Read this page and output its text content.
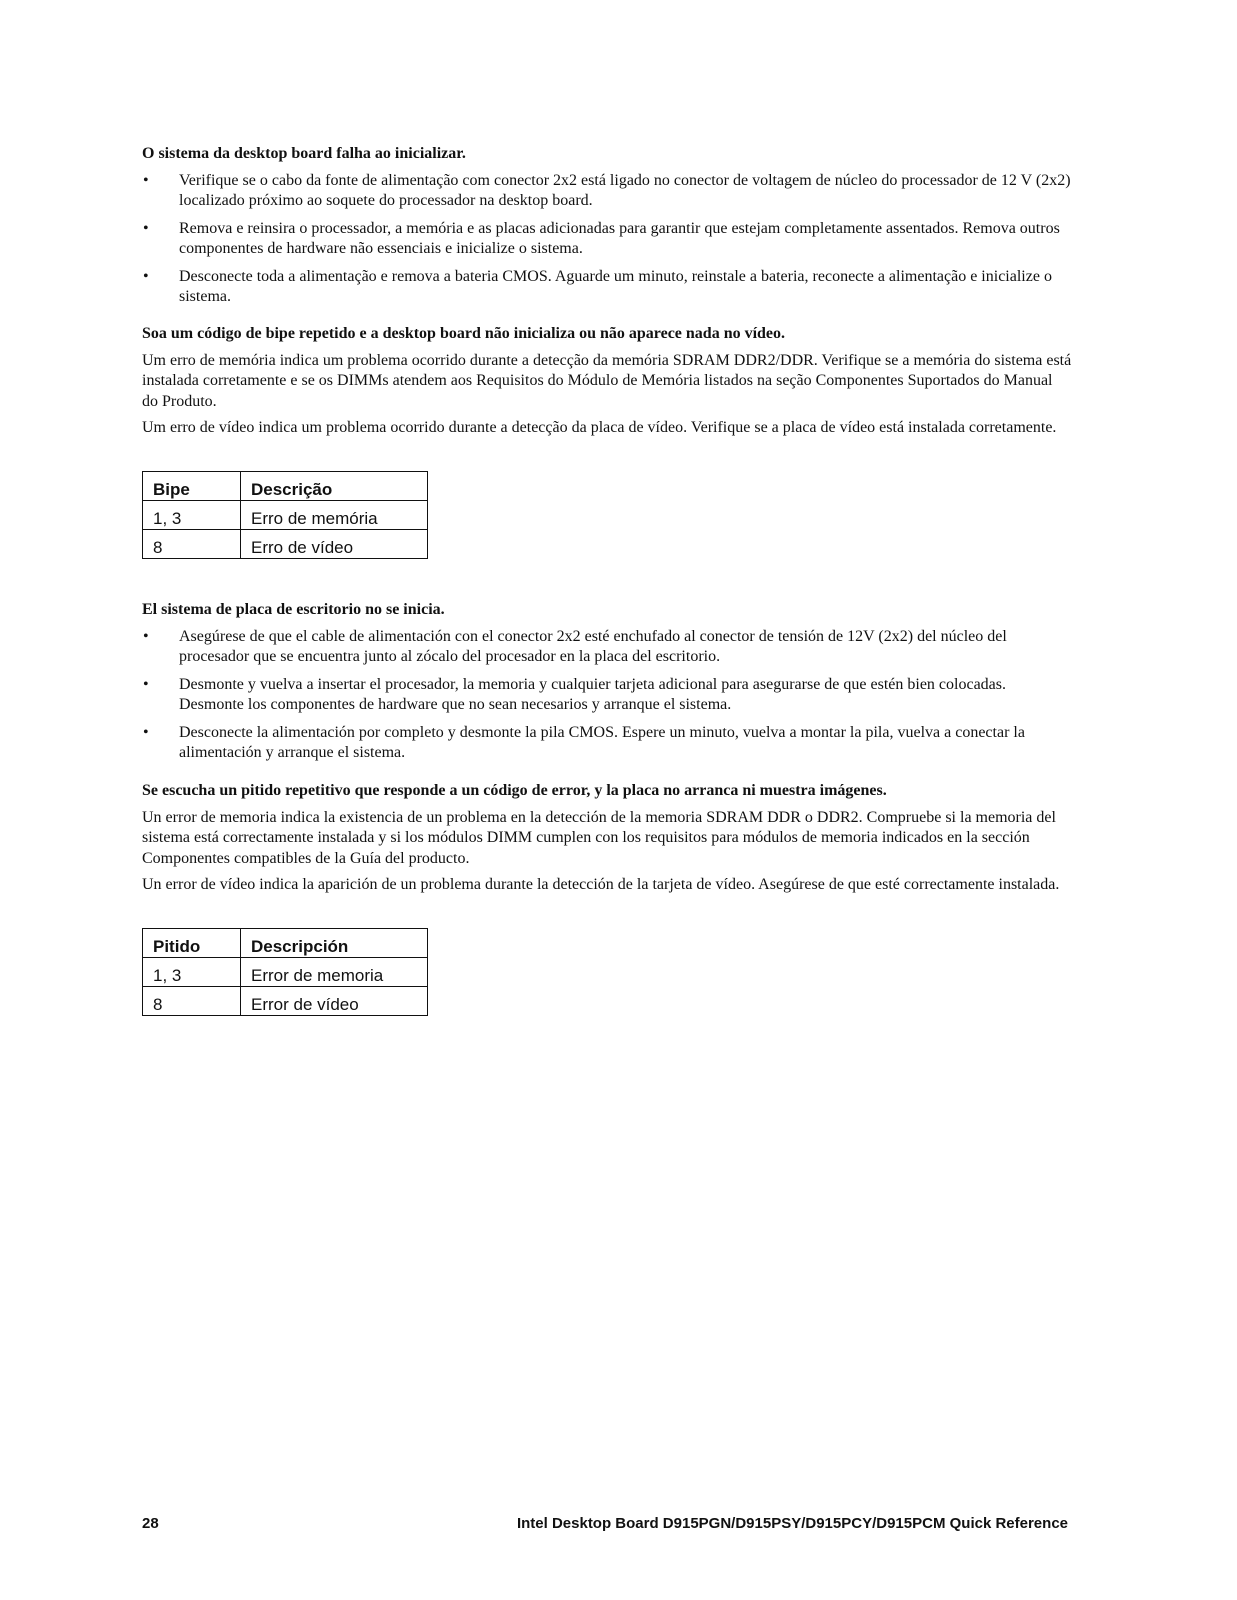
O sistema da desktop board falha ao inicializar.
• Verifique se o cabo da fonte de alimentação com conector 2x2 está ligado no conector de voltagem de núcleo do processador de 12 V (2x2) localizado próximo ao soquete do processador na desktop board.
• Remova e reinsira o processador, a memória e as placas adicionadas para garantir que estejam completamente assentados. Remova outros componentes de hardware não essenciais e inicialize o sistema.
• Desconecte toda a alimentação e remova a bateria CMOS. Aguarde um minuto, reinstale a bateria, reconecte a alimentação e inicialize o sistema.
Soa um código de bipe repetido e a desktop board não inicializa ou não aparece nada no vídeo.

Um erro de memória indica um problema ocorrido durante a detecção da memória SDRAM DDR2/DDR. Verifique se a memória do sistema está instalada corretamente e se os DIMMs atendem aos Requisitos do Módulo de Memória listados na seção Componentes Suportados do Manual do Produto.

Um erro de vídeo indica um problema ocorrido durante a detecção da placa de vídeo. Verifique se a placa de vídeo está instalada corretamente.

Bipe	Descrição
1, 3	Erro de memória
8	Erro de vídeo
El sistema de placa de escritorio no se inicia.
• Asegúrese de que el cable de alimentación con el conector 2x2 esté enchufado al conector de tensión de 12V (2x2) del núcleo del procesador que se encuentra junto al zócalo del procesador en la placa del escritorio.
• Desmonte y vuelva a insertar el procesador, la memoria y cualquier tarjeta adicional para asegurarse de que estén bien colocadas. Desmonte los componentes de hardware que no sean necesarios y arranque el sistema.
• Desconecte la alimentación por completo y desmonte la pila CMOS. Espere un minuto, vuelva a montar la pila, vuelva a conectar la alimentación y arranque el sistema.
Se escucha un pitido repetitivo que responde a un código de error, y la placa no arranca ni muestra imágenes.

Un error de memoria indica la existencia de un problema en la detección de la memoria SDRAM DDR o DDR2. Compruebe si la memoria del sistema está correctamente instalada y si los módulos DIMM cumplen con los requisitos para módulos de memoria indicados en la sección Componentes compatibles de la Guía del producto.

Un error de vídeo indica la aparición de un problema durante la detección de la tarjeta de vídeo. Asegúrese de que esté correctamente instalada.

Pitido	Descripción
1, 3	Error de memoria
8	Error de vídeo
28	Intel Desktop Board D915PGN/D915PSY/D915PCY/D915PCM Quick Reference
